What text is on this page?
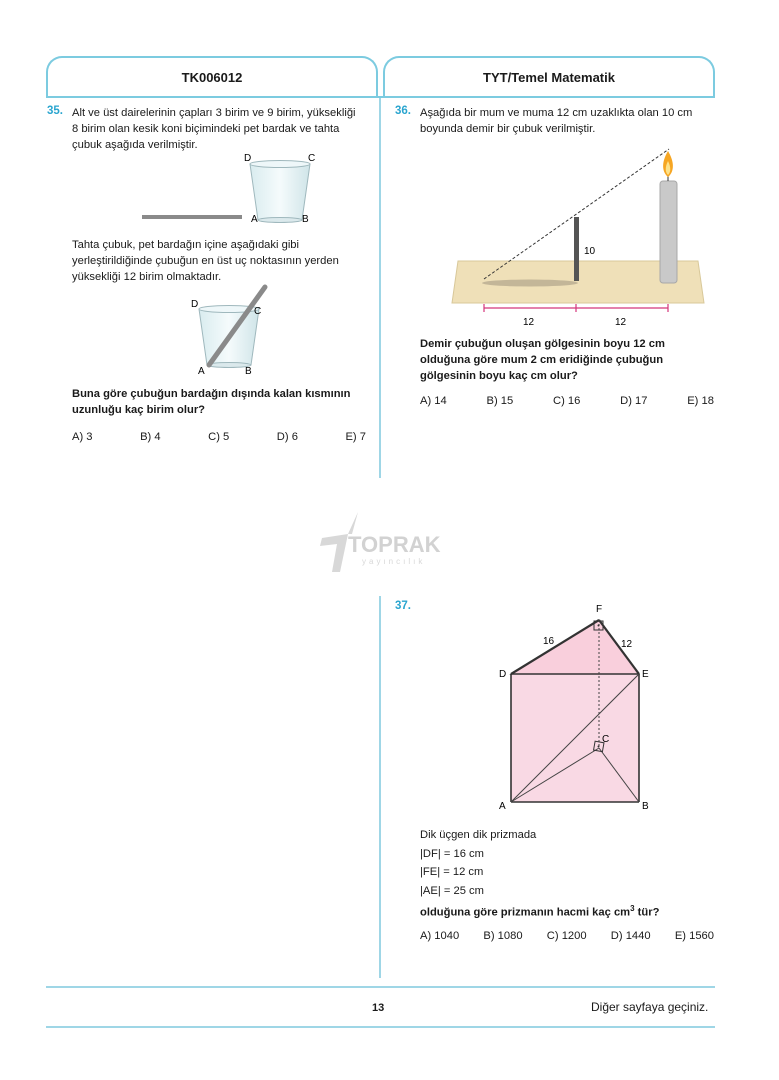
TK006012	TYT/Temel Matematik
35. Alt ve üst dairelerinin çapları 3 birim ve 9 birim, yüksekliği
8 birim olan kesik koni biçimindeki pet bardak ve tahta
çubuk aşağıda verilmiştir.
D	C
A	B
Tahta çubuk, pet bardağın içine aşağıdaki gibi
yerleştirildiğinde çubuğun en üst uç noktasının yerden
yüksekliği 12 birim olmaktadır.
D
C
A	B
Buna göre çubuğun bardağın dışında kalan kısmının
uzunluğu kaç birim olur?
A) 3	B) 4	C) 5	D) 6	E) 7
36. Aşağıda bir mum ve muma 12 cm uzaklıkta olan 10 cm
boyunda demir bir çubuk verilmiştir.
10
12	12
Demir çubuğun oluşan gölgesinin boyu 12 cm
olduğuna göre mum 2 cm eridiğinde çubuğun
gölgesinin boyu kaç cm olur?
A) 14	B) 15	C) 16	D) 17	E) 18
TOPRAK
yayıncılık
37.	F
D	E
C
A	B
16	12
Dik üçgen dik prizmada
|DF| = 16 cm
|FE| = 12 cm
|AE| = 25 cm
olduğuna göre prizmanın hacmi kaç $cm^3$ tür?
A) 1040 B) 1080 C) 1200 D) 1440 E) 1560
13	Diğer sayfaya geçiniz.
